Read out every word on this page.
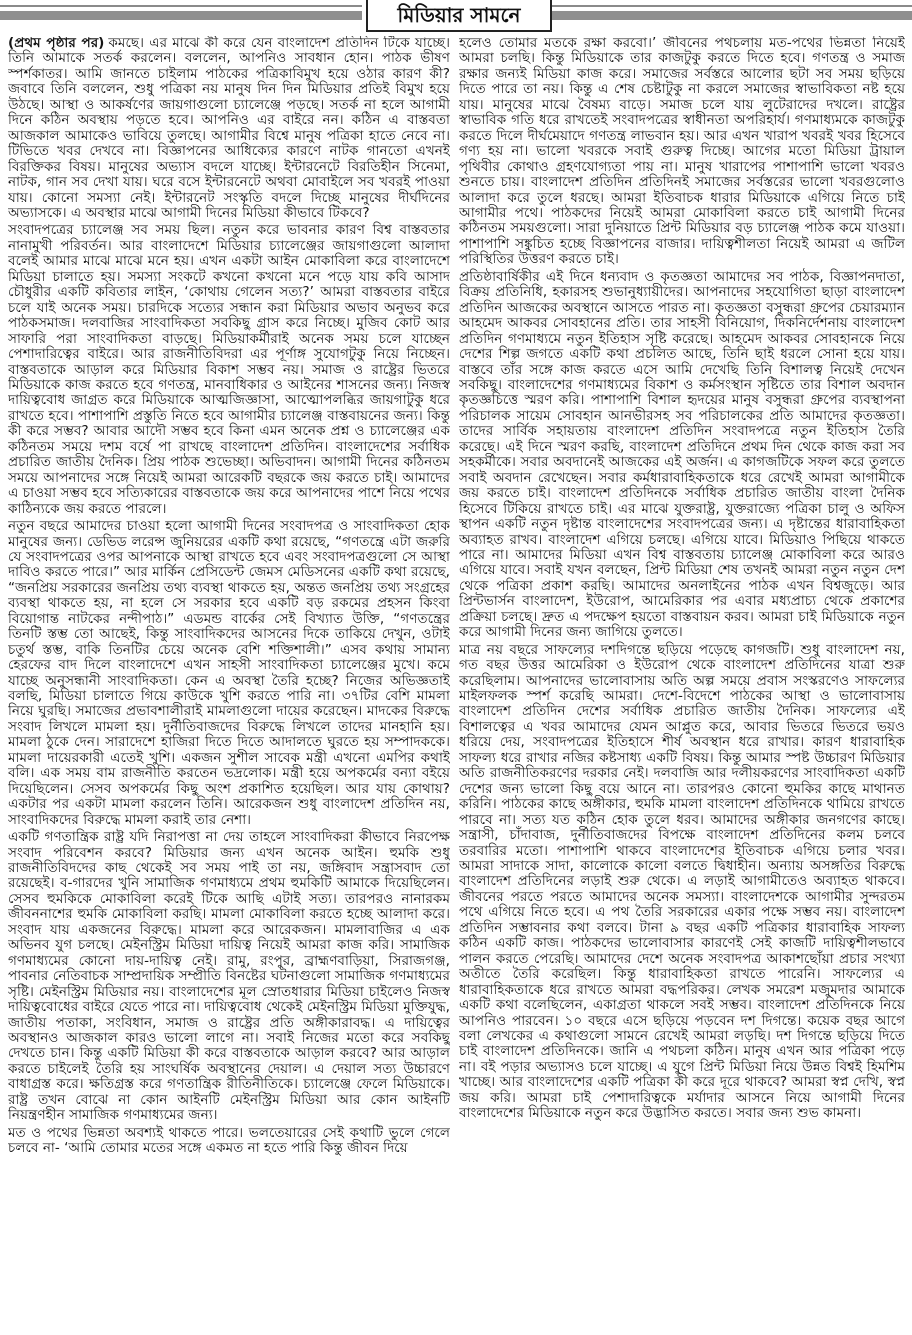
মিডিয়ার সামনে

(প্রথম পৃষ্ঠার পর) কমছে। এর মাঝে কী করে যেন বাংলাদেশ প্রতিদিন টিকে যাচ্ছে। তিনি আমাকে সতর্ক করলেন। বললেন, আপনিও সাবধান হোন। পাঠক ভীষণ স্পর্শকাতর। আমি জানতে চাইলাম পাঠকের পত্রিকাবিমুখ হয়ে ওঠার কারণ কী? জবাবে তিনি বললেন, শুধু পত্রিকা নয় মানুষ দিন দিন মিডিয়ার প্রতিই বিমুখ হয়ে উঠছে। আস্থা ও আকর্ষণের জায়গাগুলো চ্যালেঞ্জে পড়ছে। সতর্ক না হলে আগামী দিনে কঠিন অবস্থায় পড়তে হবে। আপনিও এর বাইরে নন। কঠিন এ বাস্তবতা আজকাল আমাকেও ভাবিয়ে তুলছে। আগামীর বিশ্বে মানুষ পত্রিকা হাতে নেবে না। টিভিতে খবর দেখবে না। বিজ্ঞাপনের আধিক্যের কারণে নাটক গানতো এখনই বিরক্তিকর বিষয়। মানুষের অভ্যাস বদলে যাচ্ছে। ইন্টারনেটে বিরতিহীন সিনেমা, নাটক, গান সব দেখা যায়। ঘরে বসে ইন্টারনেটে অথবা মোবাইলে সব খবরই পাওয়া যায়। কোনো সমস্যা নেই। ইন্টারনেট সংস্কৃতি বদলে দিচ্ছে মানুষের দীর্ঘদিনের অভ্যাসকে। এ অবস্থার মাঝে আগামী দিনের মিডিয়া কীভাবে টিকবে?

সংবাদপত্রের চ্যালেঞ্জ সব সময় ছিল। নতুন করে ভাবনার কারণ বিশ্ব বাস্তবতার নানামুখী পরিবর্তন। আর বাংলাদেশে মিডিয়ার চ্যালেঞ্জের জায়গাগুলো আলাদা বলেই আমার মাঝে মাঝে মনে হয়। এখন একটা আইন মোকাবিলা করে বাংলাদেশে মিডিয়া চালাতে হয়। সমস্যা সংকটে কখনো কখনো মনে পড়ে যায় কবি আসাদ চৌধুরীর একটি কবিতার লাইন, ‘কোথায় গেলেন সত্য?’ আমরা বাস্তবতার বাইরে চলে যাই অনেক সময়। চারদিকে সত্যের সন্ধান করা মিডিয়ার অভাব অনুভব করে পাঠকসমাজ। দলবাজির সাংবাদিকতা সবকিছু গ্রাস করে নিচ্ছে। মুজিব কোট আর সাফারি পরা সাংবাদিকতা বাড়ছে। মিডিয়াকর্মীরাই অনেক সময় চলে যাচ্ছেন পেশাদারিত্বের বাইরে। আর রাজনীতিবিদরা এর পূর্ণাঙ্গ সুযোগটুকু নিয়ে নিচ্ছেন। বাস্তবতাকে আড়াল করে মিডিয়ার বিকাশ সম্ভব নয়। সমাজ ও রাষ্ট্রের ভিতরে মিডিয়াকে কাজ করতে হবে গণতন্ত্র, মানবাধিকার ও আইনের শাসনের জন্য। নিজস্ব দায়িত্ববোধ জাগ্রত করে মিডিয়াকে আত্মজিজ্ঞাসা, আত্মোপলব্ধির জায়গাটুকু ধরে রাখতে হবে। পাশাপাশি প্রস্তুতি নিতে হবে আগামীর চ্যালেঞ্জ বাস্তবায়নের জন্য। কিন্তু কী করে সম্ভব? আবার আদৌ সম্ভব হবে কিনা এমন অনেক প্রশ্ন ও চ্যালেঞ্জের এক কঠিনতম সময়ে দশম বর্ষে পা রাখছে বাংলাদেশ প্রতিদিন। বাংলাদেশের সর্বাধিক প্রচারিত জাতীয় দৈনিক। প্রিয় পাঠক শুভেচ্ছা। অভিবাদন। আগামী দিনের কঠিনতম সময়ে আপনাদের সঙ্গে নিয়েই আমরা আরেকটি বছরকে জয় করতে চাই। আমাদের এ চাওয়া সম্ভব হবে সত্যিকারের বাস্তবতাকে জয় করে আপনাদের পাশে নিয়ে পথের কাঠিন্যকে জয় করতে পারলে।

নতুন বছরে আমাদের চাওয়া হলো আগামী দিনের সংবাদপত্র ও সাংবাদিকতা হোক মানুষের জন্য। ডেভিড লরেন্স জুনিয়রের একটি কথা রয়েছে, “গণতন্ত্রে এটা জরুরি যে সংবাদপত্রের ওপর আপনাকে আস্থা রাখতে হবে এবং সংবাদপত্রগুলো সে আস্থা দাবিও করতে পারে।” আর মার্কিন প্রেসিডেন্ট জেমস মেডিসনের একটি কথা রয়েছে, “জনপ্রিয় সরকারের জনপ্রিয় তথ্য ব্যবস্থা থাকতে হয়, অন্তত জনপ্রিয় তথ্য সংগ্রহের ব্যবস্থা থাকতে হয়, না হলে সে সরকার হবে একটি বড় রকমের প্রহসন কিংবা বিয়োগান্ত নাটকের নন্দীপাঠ।” এডমন্ড বার্কের সেই বিখ্যাত উক্তি, “গণতন্ত্রের তিনটি স্তম্ভ তো আছেই, কিন্তু সাংবাদিকদের আসনের দিকে তাকিয়ে দেখুন, ওটাই চতুর্থ স্তম্ভ, বাকি তিনটির চেয়ে অনেক বেশি শক্তিশালী।” এসব কথায় সামান্য হেরফের বাদ দিলে বাংলাদেশে এখন সাহসী সাংবাদিকতা চ্যালেঞ্জের মুখে। কমে যাচ্ছে অনুসন্ধানী সাংবাদিকতা। কেন এ অবস্থা তৈরি হচ্ছে? নিজের অভিজ্ঞতাই বলছি, মিডিয়া চালাতে গিয়ে কাউকে খুশি করতে পারি না। ৩৭টির বেশি মামলা নিয়ে ঘুরছি। সমাজের প্রভাবশালীরাই মামলাগুলো দায়ের করেছেন। মাদকের বিরুদ্ধে সংবাদ লিখলে মামলা হয়। দুর্নীতিবাজদের বিরুদ্ধে লিখলে তাদের মানহানি হয়। মামলা ঠুকে দেন। সারাদেশে হাজিরা দিতে দিতে আদালতে ঘুরতে হয় সম্পাদককে। মামলা দায়েরকারী এতেই খুশি। একজন সুশীল সাবেক মন্ত্রী এখনো এমপির কথাই বলি। এক সময় বাম রাজনীতি করতেন ভদ্রলোক। মন্ত্রী হয়ে অপকর্মের বন্যা বইয়ে দিয়েছিলেন। সেসব অপকর্মের কিছু অংশ প্রকাশিত হয়েছিল। আর যায় কোথায়? একটার পর একটা মামলা করলেন তিনি। আরেকজন শুধু বাংলাদেশ প্রতিদিন নয়, সাংবাদিকদের বিরুদ্ধে মামলা করাই তার নেশা।

একটি গণতান্ত্রিক রাষ্ট্র যদি নিরাপত্তা না দেয় তাহলে সাংবাদিকরা কীভাবে নিরপেক্ষ সংবাদ পরিবেশন করবে? মিডিয়ার জন্য এখন অনেক আইন। হুমকি শুধু রাজনীতিবিদদের কাছ থেকেই সব সময় পাই তা নয়, জঙ্গিবাদ সন্ত্রাসবাদ তো রয়েছেই। ব-গারদের খুনি সামাজিক গণমাধ্যমে প্রথম হুমকিটি আমাকে দিয়েছিলেন। সেসব হুমকিকে মোকাবিলা করেই টিকে আছি এটাই সত্য। তারপরও নানারকম জীবননাশের হুমকি মোকাবিলা করছি। মামলা মোকাবিলা করতে হচ্ছে আলাদা করে। সংবাদ যায় একজনের বিরুদ্ধে। মামলা করে আরেকজন। মামলাবাজির এ এক অভিনব যুগ চলছে। মেইনস্ট্রিম মিডিয়া দায়িত্ব নিয়েই আমরা কাজ করি। সামাজিক গণমাধ্যমের কোনো দায়-দায়িত্ব নেই। রামু, রংপুর, ব্রাহ্মণবাড়িয়া, সিরাজগঞ্জ, পাবনার নেতিবাচক সাম্প্রদায়িক সম্প্রীতি বিনষ্টের ঘটনাগুলো সামাজিক গণমাধ্যমের সৃষ্টি। মেইনস্ট্রিম মিডিয়ার নয়। বাংলাদেশের মূল স্রোতধারার মিডিয়া চাইলেও নিজস্ব দায়িত্ববোধের বাইরে যেতে পারে না। দায়িত্ববোধ থেকেই মেইনস্ট্রিম মিডিয়া মুক্তিযুদ্ধ, জাতীয় পতাকা, সংবিধান, সমাজ ও রাষ্ট্রের প্রতি অঙ্গীকারাবদ্ধ। এ দায়িত্বের অবস্থানও আজকাল কারও ভালো লাগে না। সবাই নিজের মতো করে সবকিছু দেখতে চান। কিন্তু একটি মিডিয়া কী করে বাস্তবতাকে আড়াল করবে? আর আড়াল করতে চাইলেই তৈরি হয় সাংঘর্ষিক অবস্থানের দেয়াল। এ দেয়াল সত্য উচ্চারণে বাধাগ্রস্ত করে। ক্ষতিগ্রস্ত করে গণতান্ত্রিক রীতিনীতিকে। চ্যালেঞ্জে ফেলে মিডিয়াকে। রাষ্ট্র তখন বোঝে না কোন আইনটি মেইনস্ট্রিম মিডিয়া আর কোন আইনটি নিয়ন্ত্রণহীন সামাজিক গণমাধ্যমের জন্য।

মত ও পথের ভিন্নতা অবশ্যই থাকতে পারে। ভলতেয়ারের সেই কথাটি ভুলে গেলে চলবে না- ‘আমি তোমার মতের সঙ্গে একমত না হতে পারি কিন্তু জীবন দিয়ে

হলেও তোমার মতকে রক্ষা করবো।’ জীবনের পথচলায় মত-পথের ভিন্নতা নিয়েই আমরা চলছি। কিন্তু মিডিয়াকে তার কাজটুকু করতে দিতে হবে। গণতন্ত্র ও সমাজ রক্ষার জন্যই মিডিয়া কাজ করে। সমাজের সর্বস্তরে আলোর ছটা সব সময় ছড়িয়ে দিতে পারে তা নয়। কিন্তু এ শেষ চেষ্টাটুকু না করলে সমাজের স্বাভাবিকতা নষ্ট হয়ে যায়। মানুষের মাঝে বৈষম্য বাড়ে। সমাজ চলে যায় লুটেরাদের দখলে। রাষ্ট্রের স্বাভাবিক গতি ধরে রাখতেই সংবাদপত্রের স্বাধীনতা অপরিহার্য। গণমাধ্যমকে কাজটুকু করতে দিলে দীর্ঘমেয়াদে গণতন্ত্র লাভবান হয়। আর এখন খারাপ খবরই খবর হিসেবে গণ্য হয় না। ভালো খবরকে সবাই গুরুত্ব দিচ্ছে। আগের মতো মিডিয়া ট্রায়াল পৃথিবীর কোথাও গ্রহণযোগ্যতা পায় না। মানুষ খারাপের পাশাপাশি ভালো খবরও শুনতে চায়। বাংলাদেশ প্রতিদিন প্রতিদিনই সমাজের সর্বস্তরের ভালো খবরগুলোও আলাদা করে তুলে ধরছে। আমরা ইতিবাচক ধারার মিডিয়াকে এগিয়ে নিতে চাই আগামীর পথে। পাঠকদের নিয়েই আমরা মোকাবিলা করতে চাই আগামী দিনের কঠিনতম সময়গুলো। সারা দুনিয়াতে প্রিন্ট মিডিয়ার বড় চ্যালেঞ্জ পাঠক কমে যাওয়া। পাশাপাশি সঙ্কুচিত হচ্ছে বিজ্ঞাপনের বাজার। দায়িত্বশীলতা নিয়েই আমরা এ জটিল পরিস্থিতির উত্তরণ করতে চাই।

প্রতিষ্ঠাবার্ষিকীর এই দিনে ধন্যবাদ ও কৃতজ্ঞতা আমাদের সব পাঠক, বিজ্ঞাপনদাতা, বিক্রয় প্রতিনিধি, হকারসহ শুভানুধ্যায়ীদের। আপনাদের সহযোগিতা ছাড়া বাংলাদেশ প্রতিদিন আজকের অবস্থানে আসতে পারত না। কৃতজ্ঞতা বসুন্ধরা গ্রুপের চেয়ারম্যান আহমেদ আকবর সোবহানের প্রতি। তার সাহসী বিনিয়োগ, দিকনির্দেশনায় বাংলাদেশ প্রতিদিন গণমাধ্যমে নতুন ইতিহাস সৃষ্টি করেছে। আহমেদ আকবর সোবহানকে নিয়ে দেশের শিল্প জগতে একটি কথা প্রচলিত আছে, তিনি ছাই ধরলে সোনা হয়ে যায়। বাস্তবে তাঁর সঙ্গে কাজ করতে এসে আমি দেখেছি তিনি বিশালত্ব নিয়েই দেখেন সবকিছু। বাংলাদেশের গণমাধ্যমের বিকাশ ও কর্মসংস্থান সৃষ্টিতে তার বিশাল অবদান কৃতজ্ঞচিত্তে স্মরণ করি। পাশাপাশি বিশাল হৃদয়ের মানুষ বসুন্ধরা গ্রুপের ব্যবস্থাপনা পরিচালক সায়েম সোবহান আনভীরসহ সব পরিচালকের প্রতি আমাদের কৃতজ্ঞতা। তাদের সার্বিক সহায়তায় বাংলাদেশ প্রতিদিন সংবাদপত্রে নতুন ইতিহাস তৈরি করেছে। এই দিনে স্মরণ করছি, বাংলাদেশ প্রতিদিনে প্রথম দিন থেকে কাজ করা সব সহকর্মীকে। সবার অবদানেই আজকের এই অর্জন। এ কাগজটিকে সফল করে তুলতে সবাই অবদান রেখেছেন। সবার কর্মধারাবাহিকতাকে ধরে রেখেই আমরা আগামীকে জয় করতে চাই। বাংলাদেশ প্রতিদিনকে সর্বাধিক প্রচারিত জাতীয় বাংলা দৈনিক হিসেবে টিকিয়ে রাখতে চাই। এর মাঝে যুক্তরাষ্ট্র, যুক্তরাজ্যে পত্রিকা চালু ও অফিস স্থাপন একটি নতুন দৃষ্টান্ত বাংলাদেশের সংবাদপত্রের জন্য। এ দৃষ্টান্তের ধারাবাহিকতা অব্যাহত রাখব। বাংলাদেশ এগিয়ে চলছে। এগিয়ে যাবে। মিডিয়াও পিছিয়ে থাকতে পারে না। আমাদের মিডিয়া এখন বিশ্ব বাস্তবতায় চ্যালেঞ্জ মোকাবিলা করে আরও এগিয়ে যাবে। সবাই যখন বলছেন, প্রিন্ট মিডিয়া শেষ তখনই আমরা নতুন নতুন দেশ থেকে পত্রিকা প্রকাশ করছি। আমাদের অনলাইনের পাঠক এখন বিশ্বজুড়ে। আর প্রিন্টভার্সন বাংলাদেশ, ইউরোপ, আমেরিকার পর এবার মধ্যপ্রাচ্য থেকে প্রকাশের প্রক্রিয়া চলছে। দ্রুত এ পদক্ষেপ হয়তো বাস্তবায়ন করব। আমরা চাই মিডিয়াকে নতুন করে আগামী দিনের জন্য জাগিয়ে তুলতে।

মাত্র নয় বছরে সাফল্যের দশদিগন্তে ছড়িয়ে পড়েছে কাগজটি। শুধু বাংলাদেশ নয়, গত বছর উত্তর আমেরিকা ও ইউরোপ থেকে বাংলাদেশ প্রতিদিনের যাত্রা শুরু করেছিলাম। আপনাদের ভালোবাসায় অতি অল্প সময়ে প্রবাস সংস্করণেও সাফল্যের মাইলফলক স্পর্শ করেছি আমরা। দেশে-বিদেশে পাঠকের আস্থা ও ভালোবাসায় বাংলাদেশ প্রতিদিন দেশের সর্বাধিক প্রচারিত জাতীয় দৈনিক। সাফল্যের এই বিশালত্বের এ খবর আমাদের যেমন আপ্লুত করে, আবার ভিতরে ভিতরে ভয়ও ধরিয়ে দেয়, সংবাদপত্রের ইতিহাসে শীর্ষ অবস্থান ধরে রাখার। কারণ ধারাবাহিক সাফল্য ধরে রাখার নজির কষ্টসাধ্য একটি বিষয়। কিন্তু আমার স্পষ্ট উচ্চারণ মিডিয়ার অতি রাজনীতিকরণের দরকার নেই। দলবাজি আর দলীয়করণের সাংবাদিকতা একটি দেশের জন্য ভালো কিছু বয়ে আনে না। তারপরও কোনো হুমকির কাছে মাথানত করিনি। পাঠকের কাছে অঙ্গীকার, হুমকি মামলা বাংলাদেশ প্রতিদিনকে থামিয়ে রাখতে পারবে না। সত্য যত কঠিন হোক তুলে ধরব। আমাদের অঙ্গীকার জনগণের কাছে। সন্ত্রাসী, চাঁদাবাজ, দুর্নীতিবাজদের বিপক্ষে বাংলাদেশ প্রতিদিনের কলম চলবে তরবারির মতো। পাশাপাশি থাকবে বাংলাদেশের ইতিবাচক এগিয়ে চলার খবর। আমরা সাদাকে সাদা, কালোকে কালো বলতে দ্বিধাহীন। অন্যায় অসঙ্গতির বিরুদ্ধে বাংলাদেশ প্রতিদিনের লড়াই শুরু থেকে। এ লড়াই আগামীতেও অব্যাহত থাকবে। জীবনের পরতে পরতে আমাদের অনেক সমস্যা। বাংলাদেশকে আগামীর সুন্দরতম পথে এগিয়ে নিতে হবে। এ পথ তৈরি সরকারের একার পক্ষে সম্ভব নয়। বাংলাদেশ প্রতিদিন সম্ভাবনার কথা বলবে। টানা ৯ বছর একটি পত্রিকার ধারাবাহিক সাফল্য কঠিন একটি কাজ। পাঠকদের ভালোবাসার কারণেই সেই কাজটি দায়িত্বশীলভাবে পালন করতে পেরেছি। আমাদের দেশে অনেক সংবাদপত্র আকাশছোঁয়া প্রচার সংখ্যা অতীতে তৈরি করেছিল। কিন্তু ধারাবাহিকতা রাখতে পারেনি। সাফল্যের এ ধারাবাহিকতাকে ধরে রাখতে আমরা বদ্ধপরিকর। লেখক সমরেশ মজুমদার আমাকে একটি কথা বলেছিলেন, একাগ্রতা থাকলে সবই সম্ভব। বাংলাদেশ প্রতিদিনকে নিয়ে আপনিও পারবেন। ১০ বছরে এসে ছড়িয়ে পড়বেন দশ দিগন্তে। কয়েক বছর আগে বলা লেখকের এ কথাগুলো সামনে রেখেই আমরা লড়ছি। দশ দিগন্তে ছড়িয়ে দিতে চাই বাংলাদেশ প্রতিদিনকে। জানি এ পথচলা কঠিন। মানুষ এখন আর পত্রিকা পড়ে না। বই পড়ার অভ্যাসও চলে যাচ্ছে। এ যুগে প্রিন্ট মিডিয়া নিয়ে উন্নত বিশ্বই হিমশিম খাচ্ছে। আর বাংলাদেশের একটি পত্রিকা কী করে দূরে থাকবে? আমরা স্বপ্ন দেখি, স্বপ্ন জয় করি। আমরা চাই পেশাদারিত্বকে মর্যাদার আসনে নিয়ে আগামী দিনের বাংলাদেশের মিডিয়াকে নতুন করে উদ্ভাসিত করতে। সবার জন্য শুভ কামনা।
